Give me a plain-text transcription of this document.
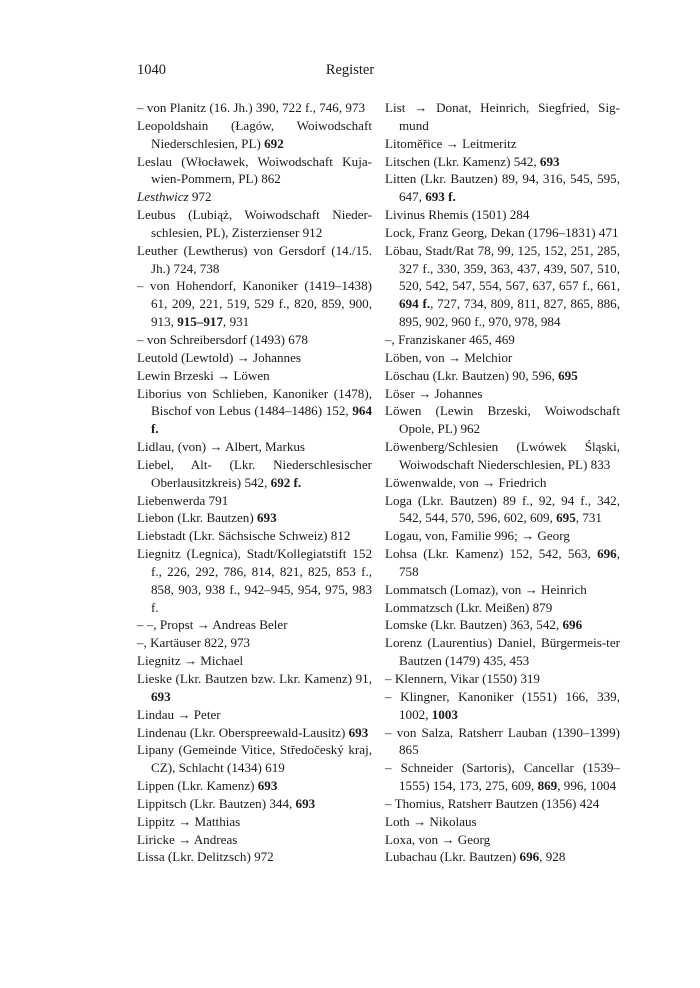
1040	Register
– von Planitz (16. Jh.) 390, 722 f., 746, 973
Leopoldshain (Łagów, Woiwodschaft Niederschlesien, PL) 692
Leslau (Włocławek, Woiwodschaft Kuja-wien-Pommern, PL) 862
Lesthwicz 972
Leubus (Lubiąż, Woiwodschaft Nieder-schlesien, PL), Zisterzienser 912
Leuther (Lewtherus) von Gersdorf (14./15. Jh.) 724, 738
– von Hohendorf, Kanoniker (1419–1438) 61, 209, 221, 519, 529 f., 820, 859, 900, 913, 915–917, 931
– von Schreibersdorf (1493) 678
Leutold (Lewtold) → Johannes
Lewin Brzeski → Löwen
Liborius von Schlieben, Kanoniker (1478), Bischof von Lebus (1484–1486) 152, 964 f.
Lidlau, (von) → Albert, Markus
Liebel, Alt- (Lkr. Niederschlesischer Oberlausitzkreis) 542, 692 f.
Liebenwerda 791
Liebon (Lkr. Bautzen) 693
Liebstadt (Lkr. Sächsische Schweiz) 812
Liegnitz (Legnica), Stadt/Kollegiatstift 152 f., 226, 292, 786, 814, 821, 825, 853 f., 858, 903, 938 f., 942–945, 954, 975, 983 f.
– –, Propst → Andreas Beler
–, Kartäuser 822, 973
Liegnitz → Michael
Lieske (Lkr. Bautzen bzw. Lkr. Kamenz) 91, 693
Lindau → Peter
Lindenau (Lkr. Oberspreewald-Lausitz) 693
Lipany (Gemeinde Vitice, Středočeský kraj, CZ), Schlacht (1434) 619
Lippen (Lkr. Kamenz) 693
Lippitsch (Lkr. Bautzen) 344, 693
Lippitz → Matthias
Liricke → Andreas
Lissa (Lkr. Delitzsch) 972
List → Donat, Heinrich, Siegfried, Sig-mund
Litoměřice → Leitmeritz
Litschen (Lkr. Kamenz) 542, 693
Litten (Lkr. Bautzen) 89, 94, 316, 545, 595, 647, 693 f.
Livinus Rhemis (1501) 284
Lock, Franz Georg, Dekan (1796–1831) 471
Löbau, Stadt/Rat 78, 99, 125, 152, 251, 285, 327 f., 330, 359, 363, 437, 439, 507, 510, 520, 542, 547, 554, 567, 637, 657 f., 661, 694 f., 727, 734, 809, 811, 827, 865, 886, 895, 902, 960 f., 970, 978, 984
–, Franziskaner 465, 469
Löben, von → Melchior
Löschau (Lkr. Bautzen) 90, 596, 695
Löser → Johannes
Löwen (Lewin Brzeski, Woiwodschaft Opole, PL) 962
Löwenberg/Schlesien (Lwówek Śląski, Woiwodschaft Niederschlesien, PL) 833
Löwenwalde, von → Friedrich
Loga (Lkr. Bautzen) 89 f., 92, 94 f., 342, 542, 544, 570, 596, 602, 609, 695, 731
Logau, von, Familie 996; → Georg
Lohsa (Lkr. Kamenz) 152, 542, 563, 696, 758
Lommatsch (Lomaz), von → Heinrich
Lommatzsch (Lkr. Meißen) 879
Lomske (Lkr. Bautzen) 363, 542, 696
Lorenz (Laurentius) Daniel, Bürgermeis-ter Bautzen (1479) 435, 453
– Klennern, Vikar (1550) 319
– Klingner, Kanoniker (1551) 166, 339, 1002, 1003
– von Salza, Ratsherr Lauban (1390–1399) 865
– Schneider (Sartoris), Cancellar (1539–1555) 154, 173, 275, 609, 869, 996, 1004
– Thomius, Ratsherr Bautzen (1356) 424
Loth → Nikolaus
Loxa, von → Georg
Lubachau (Lkr. Bautzen) 696, 928
